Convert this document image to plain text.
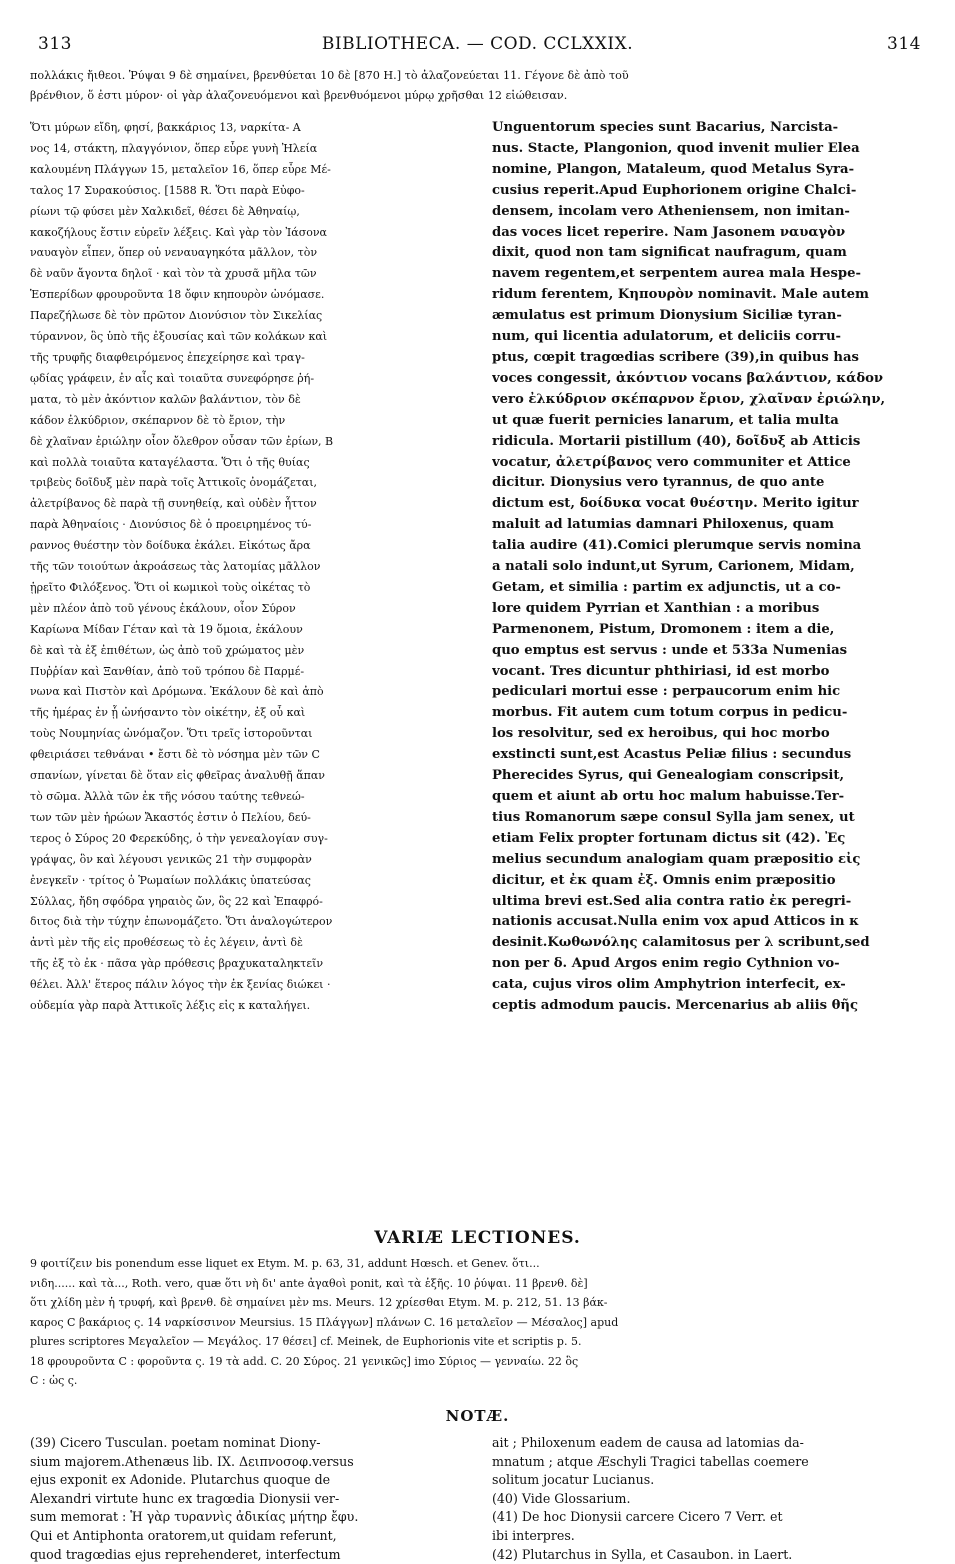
313	BIBLIOTHECA. — COD. CCLXXIX.	314

πολλάκις ἤιθεοι. Ῥύψαι 9 δὲ σημαίνει, βρενθύεται 10 δὲ [870 H.] τὸ ἀλαζονεύεται 11. Γέγονε δὲ ἀπὸ τοῦ

βρένθιον, ὅ ἐστι μύρον· οἱ γὰρ ἀλαζονευόμενοι καὶ βρενθυόμενοι μύρῳ χρῆσθαι 12 εἰώθεισαν.

Ὅτι μύρων εἴδη, φησί, βακκάριος 13, ναρκίτα- A

νος 14, στάκτη, πλαγγόνιον, ὅπερ εὗρε γυνὴ Ἠλεία

καλουμένη Πλάγγων 15, μεταλεῖον 16, ὅπερ εὗρε Μέ-

ταλος 17 Συρακούσιος. [1588 R. Ὅτι παρὰ Εὐφο-

ρίωνι τῷ φύσει μὲν Χαλκιδεῖ, θέσει δὲ Ἀθηναίῳ,

κακοζήλους ἔστιν εὑρεῖν λέξεις. Καὶ γὰρ τὸν Ἰάσονα

ναυαγὸν εἶπεν, ὅπερ οὐ νεναυαγηκότα μᾶλλον, τὸν

δὲ ναῦν ἄγοντα δηλοῖ · καὶ τὸν τὰ χρυσᾶ μῆλα τῶν

Ἑσπερίδων φρουροῦντα 18 ὄφιν κηπουρὸν ὠνόμασε.

Παρεζήλωσε δὲ τὸν πρῶτον Διονύσιον τὸν Σικελίας

τύραννον, ὃς ὑπὸ τῆς ἐξουσίας καὶ τῶν κολάκων καὶ

τῆς τρυφῆς διαφθειρόμενος ἐπεχείρησε καὶ τραγ-

ῳδίας γράφειν, ἐν αἷς καὶ τοιαῦτα συνεφόρησε ῥή-

ματα, τὸ μὲν ἀκόντιον καλῶν βαλάντιον, τὸν δὲ

κάδον ἐλκύδριον, σκέπαρνον δὲ τὸ ἔριον, τὴν

δὲ χλαῖναν ἐριώλην οἷον ὄλεθρον οὖσαν τῶν ἐρίων, B

καὶ πολλὰ τοιαῦτα καταγέλαστα. Ὅτι ὁ τῆς θυίας

τριβεὺς δοῖδυξ μὲν παρὰ τοῖς Ἀττικοῖς ὀνομάζεται,

ἀλετρίβανος δὲ παρὰ τῇ συνηθείᾳ, καὶ οὐδὲν ἧττον

παρὰ Ἀθηναίοις · Διονύσιος δὲ ὁ προειρημένος τύ-

ραννος θυέστην τὸν δοίδυκα ἐκάλει. Εἰκότως ἄρα

τῆς τῶν τοιούτων ἀκροάσεως τὰς λατομίας μᾶλλον

ᾑρεῖτο Φιλόξενος. Ὅτι οἱ κωμικοὶ τοὺς οἰκέτας τὸ

μὲν πλέον ἀπὸ τοῦ γένους ἐκάλουν, οἷον Σύρον

Καρίωνα Μίδαν Γέταν καὶ τὰ 19 ὅμοια, ἐκάλουν

δὲ καὶ τὰ ἐξ ἐπιθέτων, ὡς ἀπὸ τοῦ χρώματος μὲν

Πυῤῥίαν καὶ Ξανθίαν, ἀπὸ τοῦ τρόπου δὲ Παρμέ-

νωνα καὶ Πιστὸν καὶ Δρόμωνα. Ἐκάλουν δὲ καὶ ἀπὸ

τῆς ἡμέρας ἐν ᾗ ὠνήσαντο τὸν οἰκέτην, ἐξ οὗ καὶ

τοὺς Νουμηνίας ὠνόμαζον. Ὅτι τρεῖς ἱστοροῦνται

φθειριάσει τεθνάναι • ἔστι δὲ τὸ νόσημα μὲν τῶν C

σπανίων, γίνεται δὲ ὅταν εἰς φθεῖρας ἀναλυθῇ ἅπαν

τὸ σῶμα. Ἀλλὰ τῶν ἐκ τῆς νόσου ταύτης τεθνεώ-

των τῶν μὲν ἡρώων Ἄκαστός ἐστιν ὁ Πελίου, δεύ-

τερος ὁ Σύρος 20 Φερεκύδης, ὁ τὴν γενεαλογίαν συγ-

γράψας, ὃν καὶ λέγουσι γενικῶς 21 τὴν συμφορὰν

ἐνεγκεῖν · τρίτος ὁ Ῥωμαίων πολλάκις ὑπατεύσας

Σύλλας, ἤδη σφόδρα γηραιὸς ὤν, ὃς 22 καὶ Ἐπαφρό-

διτος διὰ τὴν τύχην ἐπωνομάζετο. Ὅτι ἀναλογώτερον

ἀντὶ μὲν τῆς εἰς προθέσεως τὸ ἐς λέγειν, ἀντὶ δὲ

τῆς ἐξ τὸ ἐκ · πᾶσα γὰρ πρόθεσις βραχυκαταληκτεῖν

θέλει. Ἀλλ' ἕτερος πάλιν λόγος τὴν ἐκ ξενίας διώκει ·

οὐδεμία γὰρ παρὰ Ἀττικοῖς λέξις εἰς κ καταλήγει.

Unguentorum species sunt Bacarius, Narcista-

nus. Stacte, Plangonion, quod invenit mulier Elea

nomine, Plangon, Mataleum, quod Metalus Syra-

cusius reperit.Apud Euphorionem origine Chalci-

densem, incolam vero Atheniensem, non imitan-

das voces licet reperire. Nam Jasonem ναυαγὸν

dixit, quod non tam significat naufragum, quam

navem regentem,et serpentem aurea mala Hespe-

ridum ferentem, Κηπουρὸν nominavit. Male autem

æmulatus est primum Dionysium Siciliæ tyran-

num, qui licentia adulatorum, et deliciis corru-

ptus, cœpit tragœdias scribere (39),in quibus has

voces congessit, ἀκόντιον vocans βαλάντιον, κάδον

vero ἐλκύδριον σκέπαρνον ἔριον, χλαῖναν ἐριώλην,

ut quæ fuerit pernicies lanarum, et talia multa

ridicula. Mortarii pistillum (40), δοῖδυξ ab Atticis

vocatur, ἀλετρίβανος vero communiter et Attice

dicitur. Dionysius vero tyrannus, de quo ante

dictum est, δοίδυκα vocat θυέστην. Merito igitur

maluit ad latumias damnari Philoxenus, quam

talia audire (41).Comici plerumque servis nomina

a natali solo indunt,ut Syrum, Carionem, Midam,

Getam, et similia : partim ex adjunctis, ut a co-

lore quidem Pyrrian et Xanthian : a moribus

Parmenonem, Pistum, Dromonem : item a die,

quo emptus est servus : unde et 533a Numenias

vocant. Tres dicuntur phthiriasi, id est morbo

pediculari mortui esse : perpaucorum enim hic

morbus. Fit autem cum totum corpus in pedicu-

los resolvitur, sed ex heroibus, qui hoc morbo

exstincti sunt,est Acastus Peliæ filius : secundus

Pherecides Syrus, qui Genealogiam conscripsit,

quem et aiunt ab ortu hoc malum habuisse.Ter-

tius Romanorum sæpe consul Sylla jam senex, ut

etiam Felix propter fortunam dictus sit (42). Ἐς

melius secundum analogiam quam præpositio εἰς

dicitur, et ἐκ quam ἐξ. Omnis enim præpositio

ultima brevi est.Sed alia contra ratio ἐκ peregri-

nationis accusat.Nulla enim vox apud Atticos in κ

desinit.Κωθωνόλης calamitosus per λ scribunt,sed

non per δ. Apud Argos enim regio Cythnion vo-

cata, cujus viros olim Amphytrion interfecit, ex-

ceptis admodum paucis. Mercenarius ab aliis θῆς

VARIÆ LECTIONES.

9 φοιτίζειν bis ponendum esse liquet ex Etym. M. p. 63, 31, addunt Hœsch. et Genev. ὅτι...

νιδη...... καὶ τὰ..., Roth. vero, quæ ὅτι νὴ δι' ante ἀγαθοὶ ponit, καὶ τὰ ἑξῆς. 10 ῥύψαι. 11 βρενθ. δὲ]

ὅτι χλίδη μὲν ἡ τρυφή, καὶ βρενθ. δὲ σημαίνει μὲν ms. Meurs. 12 χρίεσθαι Etym. M. p. 212, 51. 13 βάκ-

καρος C βακάριος ς. 14 ναρκίσσινον Meursius. 15 Πλάγγων] πλάνων C. 16 μεταλεῖον — Μέσαλος] apud

plures scriptores Μεγαλεῖον — Μεγάλος. 17 θέσει] cf. Meinek, de Euphorionis vite et scriptis p. 5.

18 φρουροῦντα C : φοροῦντα ς. 19 τὰ add. C. 20 Σύρος. 21 γενικῶς] imo Σύριος — γενναίω. 22 ὃς

C : ὡς ς.

NOTÆ.

(39) Cicero Tusculan. poetam nominat Diony-

sium majorem.Athenæus lib. IX. Δειπνοσοφ.versus

ejus exponit ex Adonide. Plutarchus quoque de

Alexandri virtute hunc ex tragœdia Dionysii ver-

sum memorat : Ἡ γὰρ τυραννὶς ἀδικίας μήτηρ ἔφυ.

Qui et Antiphonta oratorem,ut quidam referunt,

quod tragœdias ejus reprehenderet, interfectum

ait ; Philoxenum eadem de causa ad latomias da-

mnatum ; atque Æschyli Tragici tabellas coemere

solitum jocatur Lucianus.

(40) Vide Glossarium.

(41) De hoc Dionysii carcere Cicero 7 Verr. et

ibi interpres.

(42) Plutarchus in Sylla, et Casaubon. in Laert.
